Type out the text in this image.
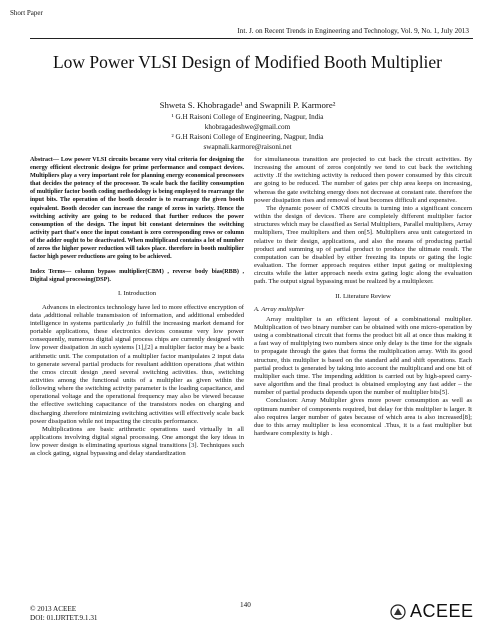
Short Paper
Int. J. on Recent Trends in Engineering and Technology, Vol. 9, No. 1, July 2013
Low Power VLSI Design of Modified Booth Multiplier
Shweta S. Khobragade¹ and Swapnili P. Karmore²
¹ G.H Raisoni College of Engineering, Nagpur, India
khobragadeshwe@gmail.com
² G.H Raisoni College of Engineering, Nagpur, India
swapnali.karmore@raisoni.net

Abstract— Low power VLSI circuits became very vital criteria for designing the energy efficient electronic designs for prime performance and compact devices. Multipliers play a very important role for planning energy economical processors that decides the potency of the processor. To scale back the facility consumption of multiplier factor booth coding methodology is being employed to rearrange the input bits. The operation of the booth decoder is to rearrange the given booth equivalent. Booth decoder can increase the range of zeros in variety. Hence the switching activity are going to be reduced that further reduces the power consumption of the design. The input bit constant determines the switching activity part that's once the input constant is zero corresponding rows or column of the adder ought to be deactivated. When multiplicand contains a lot of number of zeros the higher power reduction will takes place. therefore in booth multiplier factor high power reductions are going to be achieved.

Index Terms— column bypass multiplier(CBM) , reverse body bias(RBB) , Digital signal processing(DSP).

I. Introduction

Advances in electronics technology have led to more effective encryption of data ,additional reliable transmission of information, and additional embedded intelligence in systems particularly ,to fulfill the increasing market demand for portable applications, these electronics devices consume very low power consequently, numerous digital signal process chips are currently designed with low power dissipation .in such systems [1],[2] a multiplier factor may be a basic arithmetic unit. The computation of a multiplier factor manipulates 2 input data to generate several partial products for resultant addition operations ,that within the cmos circuit design ,need several switching activities. thus, switching activities among the functional units of a multiplier as given within the following where the switching activity parameter is the loading capacitance, and operational voltage and the operational frequency may also be viewed because the effective switching capacitance of the transistors nodes on charging and discharging .therefore minimizing switching activities will effectively scale back power dissipation while not impacting the circuits performance.

Multiplications are basic arithmetic operations used virtually in all applications involving digital signal processing. One amongst the key ideas in low power design is eliminating spurious signal transitions [3]. Techniques such as clock gating, signal bypassing and delay standardization

for simultaneous transition are projected to cut back the circuit activities. By increasing the amount of zeros conjointly we tend to cut back the switching activity .If the switching activity is reduced then power consumed by this circuit are going to be reduced. The number of gates per chip area keeps on increasing, whereas the gate switching energy does not decrease at constant rate. therefore the power dissipation rises and removal of heat becomes difficult and expensive.

The dynamic power of CMOS circuits is turning into a significant concern within the design of devices. There are completely different multiplier factor structures which may be classified as Serial Multipliers, Parallel multipliers, Array multipliers, Tree multipliers and then on[5]. Multipliers area unit categorized in relative to their design, applications, and also the means of producing partial product and summing up of partial product to produce the ultimate result. The computation can be disabled by either freezing its inputs or gating the logic evaluation. The former approach requires either input gating or multiplexing circuits while the latter approach needs extra gating logic along the evaluation path. The output signal bypassing must be realized by a multiplexer.

II. Literature Review
A. Array multiplier

Array multiplier is an efficient layout of a combinational multiplier. Multiplication of two binary number can be obtained with one micro-operation by using a combinational circuit that forms the product bit all at once thus making it a fast way of multiplying two numbers since only delay is the time for the signals to propagate through the gates that forms the multiplication array. With its good structure, this multiplier is based on the standard add and shift operations. Each partial product is generated by taking into account the multiplicand and one bit of multiplier each time. The impending addition is carried out by high-speed carry-save algorithm and the final product is obtained employing any fast adder – the number of partial products depends upon the number of multiplier bits[5].

Conclusion: Array Multiplier gives more power consumption as well as optimum number of components required, but delay for this multiplier is larger. It also requires larger number of gates because of which area is also increased[8]; due to this array multiplier is less economical .Thus, it is a fast multiplier but hardware complexity is high .

© 2013 ACEEE
DOI: 01.IJRTET.9.1.31
140	ACEEE
